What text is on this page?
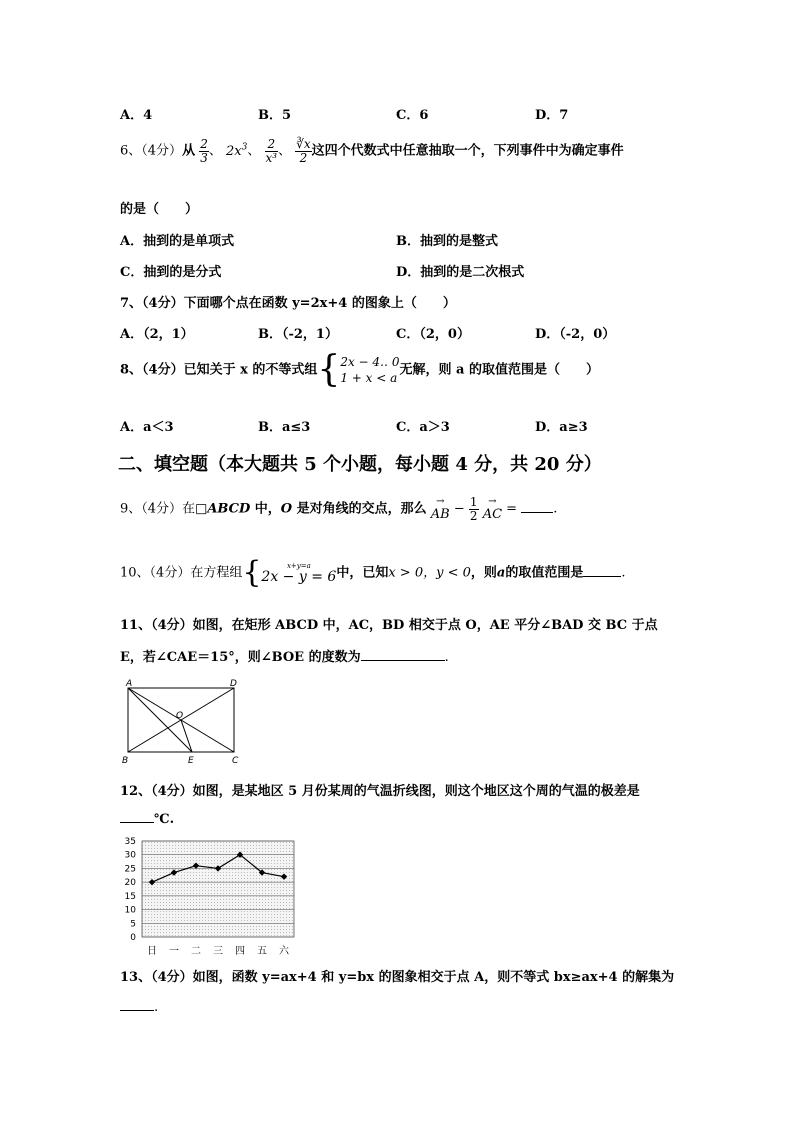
A．4	B．5	C．6	D．7
6、（4分）从 $\frac{2}{3}$ 、 $2x^3$、 $\frac{2}{\text{x³}}$ 、 $\frac{∛x}{2}$ 这四个代数式中任意抽取一个，下列事件中为确定事件
的是（　　）
A．抽到的是单项式	B．抽到的是整式
C．抽到的是分式	D．抽到的是二次根式
7、（4分）下面哪个点在函数 y=2x+4 的图象上（　　）
A．（2，1）	B．（-2，1）	C．（2，0）	D．（-2，0）
8、（4分）已知关于 x 的不等式组{ 2x − 4‥ 0
1 + x < a
无解，则 a 的取值范围是（　　）
A．a＜3	B．a≤3	C．a＞3	D．a≥3
二、填空题（本大题共 5 个小题，每小题 4 分，共 20 分）
9、（4分）在□ABCD 中，O 是对角线的交点，那么 →
AB − $\frac{1}{2}$
→
AC = .
10、（4分）在方程组{	x+y=a
2x − y = 6 中，已知x > 0，y < 0，则a的取值范围是	.
11、（4分）如图，在矩形 ABCD 中，AC，BD 相交于点 O，AE 平分∠BAD 交 BC 于点
E，若∠CAE＝15°，则∠BOE 的度数为	.
A	D
B	C
O
E
12、（4分）如图，是某地区 5 月份某周的气温折线图，则这个地区这个周的气温的极差是
℃.
35
30
25
20
15
10
5
0
日 一 二 三 四 五 六
13、（4分）如图，函数 y=ax+4 和 y=bx 的图象相交于点 A，则不等式 bx≥ax+4 的解集为
.
